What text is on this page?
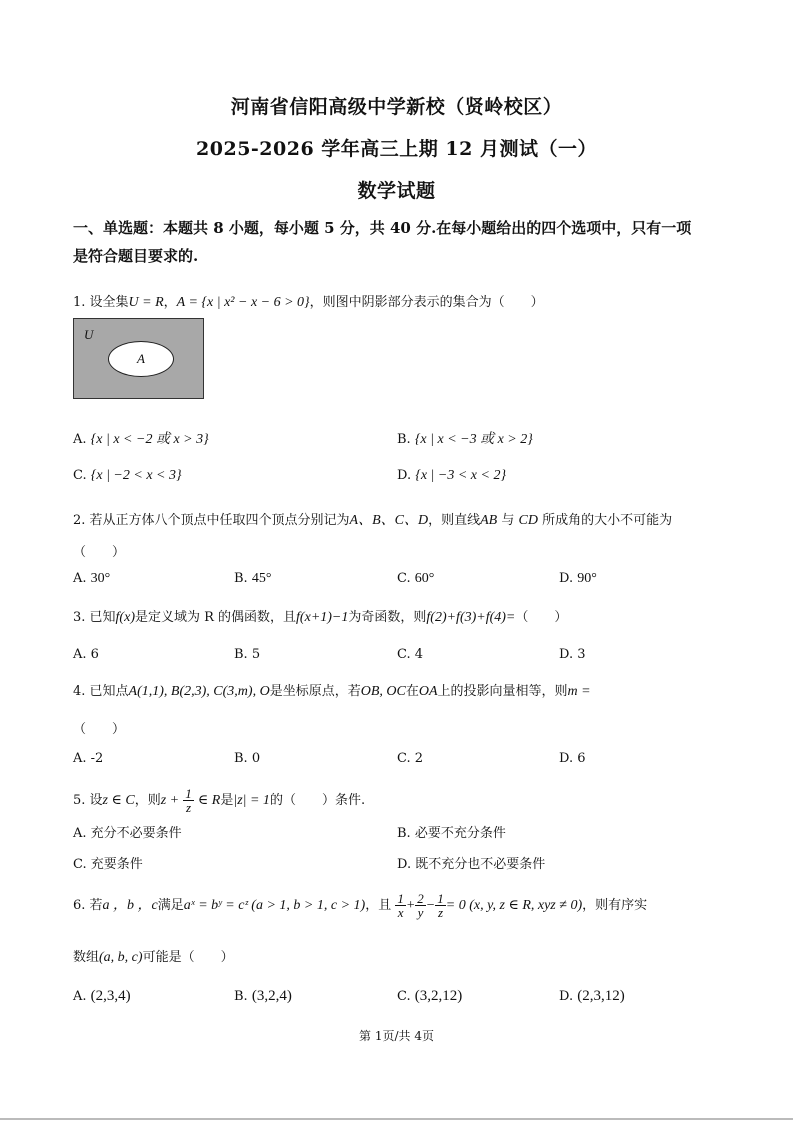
河南省信阳高级中学新校（贤岭校区）
2025-2026 学年高三上期 12 月测试（一）
数学试题
一、单选题：本题共 8 小题，每小题 5 分，共 40 分.在每小题给出的四个选项中，只有一项
是符合题目要求的.
1. 设全集U = R，A = {x | x² − x − 6 > 0}，则图中阴影部分表示的集合为（　　）
U
A
A. {x | x < −2 或 x > 3}	B. {x | x < −3 或 x > 2}
C. {x | −2 < x < 3}	D. {x | −3 < x < 2}
2. 若从正方体八个顶点中任取四个顶点分别记为A、B、C、D，则直线AB 与 CD 所成角的大小不可能为
（　　）
A. 30°	B. 45°	C. 60°	D. 90°
3. 已知f(x)是定义域为 R 的偶函数，且f(x+1)−1为奇函数，则f(2)+f(3)+f(4)=（　　）
A. 6	B. 5	C. 4	D. 3
4. 已知点A(1,1), B(2,3), C(3,m), O是坐标原点，若OB, OC在OA上的投影向量相等，则m =
（　　）
A. -2	B. 0	C. 2	D. 6
5. 设z ∈ C，则$z + \frac{1}{z}$ ∈ R是|z| = 1的（　　）条件.
A. 充分不必要条件	B. 必要不充分条件
C. 充要条件	D. 既不充分也不必要条件
6. 若a ，b ，c满足aˣ = bʸ = cᶻ (a > 1, b > 1, c > 1)，且 $\frac{1}{x} + \frac{2}{y} - \frac{1}{z} = 0$ (x, y, z ∈ R, xyz ≠ 0)，则有序实
数组(a, b, c)可能是（　　）
A. (2,3,4)	B. (3,2,4)	C. (3,2,12)	D. (2,3,12)
第 1页/共 4页
